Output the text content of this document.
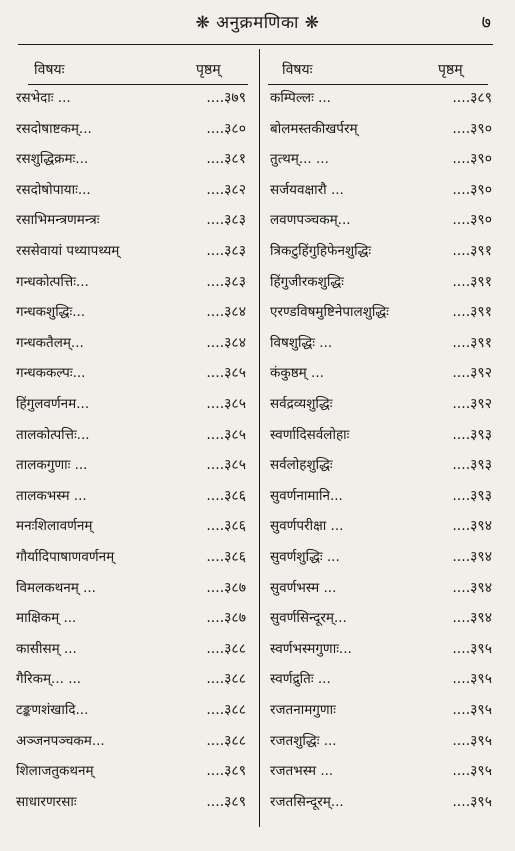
❋ अनुक्रमणिका ❋	७
विषयः	पृष्ठम्	विषयः	पृष्ठम्
रसभेदाः ...	....३७९ कम्पिल्लः ...	....३८९
रसदोषाष्टकम्...	....३८० बोलमस्तकीखर्परम्	....३९०
रसशुद्धिक्रमः...	....३८१ तुत्थम्... ...	....३९०
रसदोषोपायाः...	....३८२ सर्जयवक्षारौ ...	....३९०
रसाभिमन्त्रणमन्त्रः	....३८३ लवणपञ्चकम्...	....३९०
रससेवायां पथ्यापथ्यम्	....३८३ त्रिकटुहिंगुहिफेनशुद्धिः	....३९१
गन्धकोत्पत्तिः...	....३८३ हिंगुजीरकशुद्धिः	....३९१
गन्धकशुद्धिः...	....३८४ एरण्डविषमुष्टिनेपालशुद्धिः	....३९१
गन्धकतैलम्...	....३८४ विषशुद्धिः ...	....३९१
गन्धककल्पः...	....३८५ कंकुष्ठम् ...	....३९२
हिंगुलवर्णनम...	....३८५ सर्वद्रव्यशुद्धिः	....३९२
तालकोत्पत्तिः...	....३८५ स्वर्णादिसर्वलोहाः	....३९३
तालकगुणाः ...	....३८५ सर्वलोहशुद्धिः	....३९३
तालकभस्म ...	....३८६ सुवर्णनामानि...	....३९३
मनःशिलावर्णनम्	....३८६ सुवर्णपरीक्षा ...	....३९४
गौर्यादिपाषाणवर्णनम्	....३८६ सुवर्णशुद्धिः ...	....३९४
विमलकथनम् ...	....३८७ सुवर्णभस्म ...	....३९४
माक्षिकम् ...	....३८७ सुवर्णसिन्दूरम्...	....३९४
कासीसम् ...	....३८८ स्वर्णभस्मगुणाः...	....३९५
गैरिकम्... ...	....३८८ स्वर्णद्रुतिः ...	....३९५
टङ्कणशंखादि...	....३८८ रजतनामगुणाः	....३९५
अञ्जनपञ्चकम...	....३८८ रजतशुद्धिः ...	....३९५
शिलाजतुकथनम्	....३८९ रजतभस्म ...	....३९५
साधारणरसाः	....३८९ रजतसिन्दूरम्...	....३९५
